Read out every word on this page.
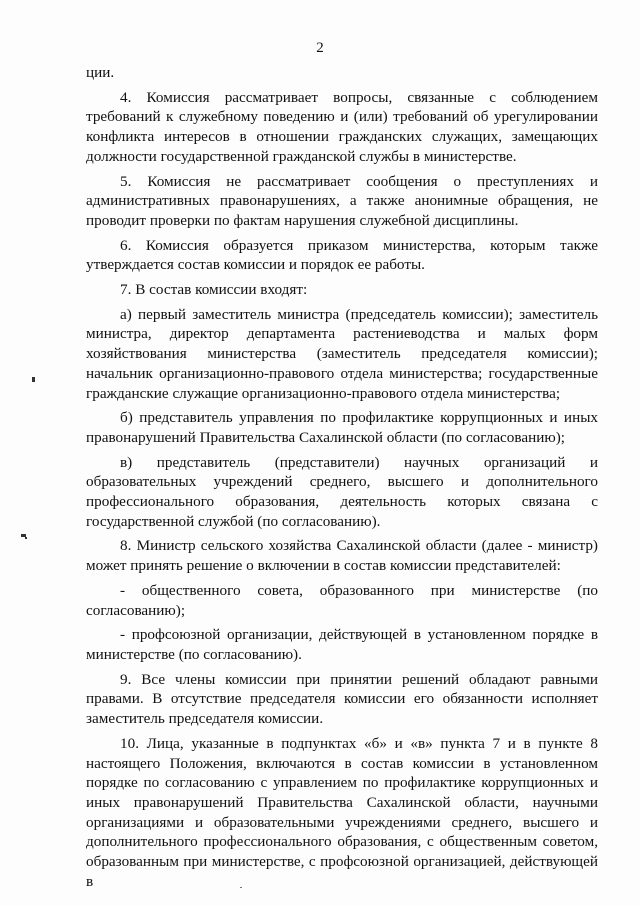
2

ции.

4. Комиссия рассматривает вопросы, связанные с соблюдением требований к служебному поведению и (или) требований об урегулировании конфликта интересов в отношении гражданских служащих, замещающих должности государственной гражданской службы в министерстве.

5. Комиссия не рассматривает сообщения о преступлениях и административных правонарушениях, а также анонимные обращения, не проводит проверки по фактам нарушения служебной дисциплины.

6. Комиссия образуется приказом министерства, которым также утверждается состав комиссии и порядок ее работы.

7. В состав комиссии входят:

а) первый заместитель министра (председатель комиссии); заместитель министра, директор департамента растениеводства и малых форм хозяйствования министерства (заместитель председателя комиссии); начальник организационно-правового отдела министерства; государственные гражданские служащие организационно-правового отдела министерства;

б) представитель управления по профилактике коррупционных и иных правонарушений Правительства Сахалинской области (по согласованию);

в) представитель (представители) научных организаций и образовательных учреждений среднего, высшего и дополнительного профессионального образования, деятельность которых связана с государственной службой (по согласованию).

8. Министр сельского хозяйства Сахалинской области (далее - министр) может принять решение о включении в состав комиссии представителей:

- общественного совета, образованного при министерстве (по согласованию);

- профсоюзной организации, действующей в установленном порядке в министерстве (по согласованию).

9. Все члены комиссии при принятии решений обладают равными правами. В отсутствие председателя комиссии его обязанности исполняет заместитель председателя комиссии.

10. Лица, указанные в подпунктах «б» и «в» пункта 7 и в пункте 8 настоящего Положения, включаются в состав комиссии в установленном порядке по согласованию с управлением по профилактике коррупционных и иных правонарушений Правительства Сахалинской области, научными организациями и образовательными учреждениями среднего, высшего и дополнительного профессионального образования, с общественным советом, образованным при министерстве, с профсоюзной организацией, действующей в
